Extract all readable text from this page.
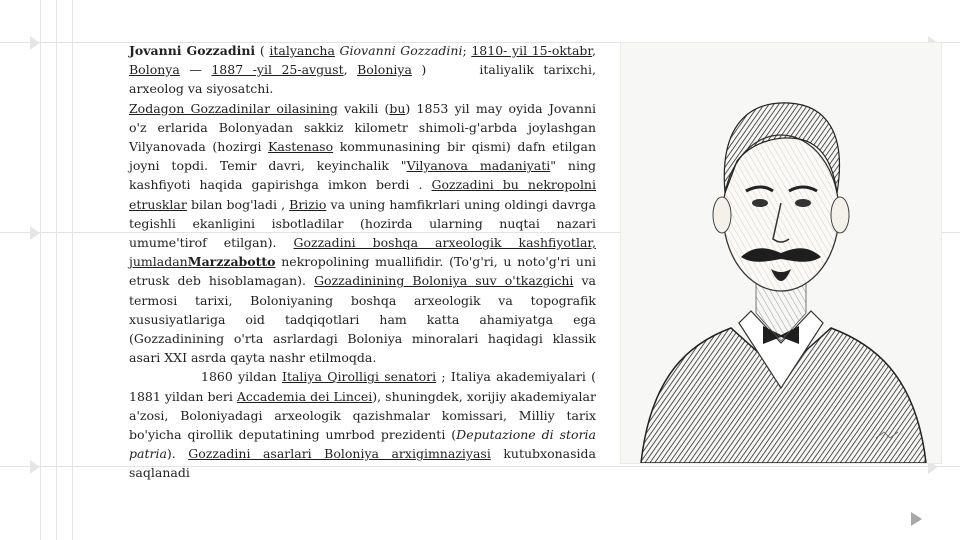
Jovanni Gozzadini ( italyancha Giovanni Gozzadini; 1810- yil 15-oktabr, Bolonya — 1887 -yil 25-avgust, Boloniya )	italiyalik tarixchi, arxeolog va siyosatchi.

Zodagon Gozzadinilar oilasining vakili (bu) 1853 yil may oyida Jovanni o'z erlarida Bolonyadan sakkiz kilometr shimoli-g'arbda joylashgan Vilyanovada (hozirgi Kastenaso kommunasining bir qismi) dafn etilgan joyni topdi. Temir davri, keyinchalik "Vilyanova madaniyati" ning kashfiyoti haqida gapirishga imkon berdi . Gozzadini bu nekropolni etrusklar bilan bog'ladi , Brizio va uning hamfikrlari uning oldingi davrga tegishli ekanligini isbotladilar (hozirda ularning nuqtai nazari umume'tirof etilgan). Gozzadini boshqa arxeologik kashfiyotlar, jumladanMarzzabotto nekropolining muallifidir. (To'g'ri, u noto'g'ri uni etrusk deb hisoblamagan). Gozzadinining Boloniya suv o'tkazgichi va termosi tarixi, Boloniyaning boshqa arxeologik va topografik xususiyatlariga oid tadqiqotlari ham katta ahamiyatga ega (Gozzadinining o'rta asrlardagi Boloniya minoralari haqidagi klassik asari XXI asrda qayta nashr etilmoqda.

1860 yildan Italiya Qirolligi senatori ; Italiya akademiyalari ( 1881 yildan beri Accademia dei Lincei), shuningdek, xorijiy akademiyalar a'zosi, Boloniyadagi arxeologik qazishmalar komissari, Milliy tarix bo'yicha qirollik deputatining umrbod prezidenti (Deputazione di storia patria). Gozzadini asarlari Boloniya arxigimnaziyasi kutubxonasida saqlanadi
